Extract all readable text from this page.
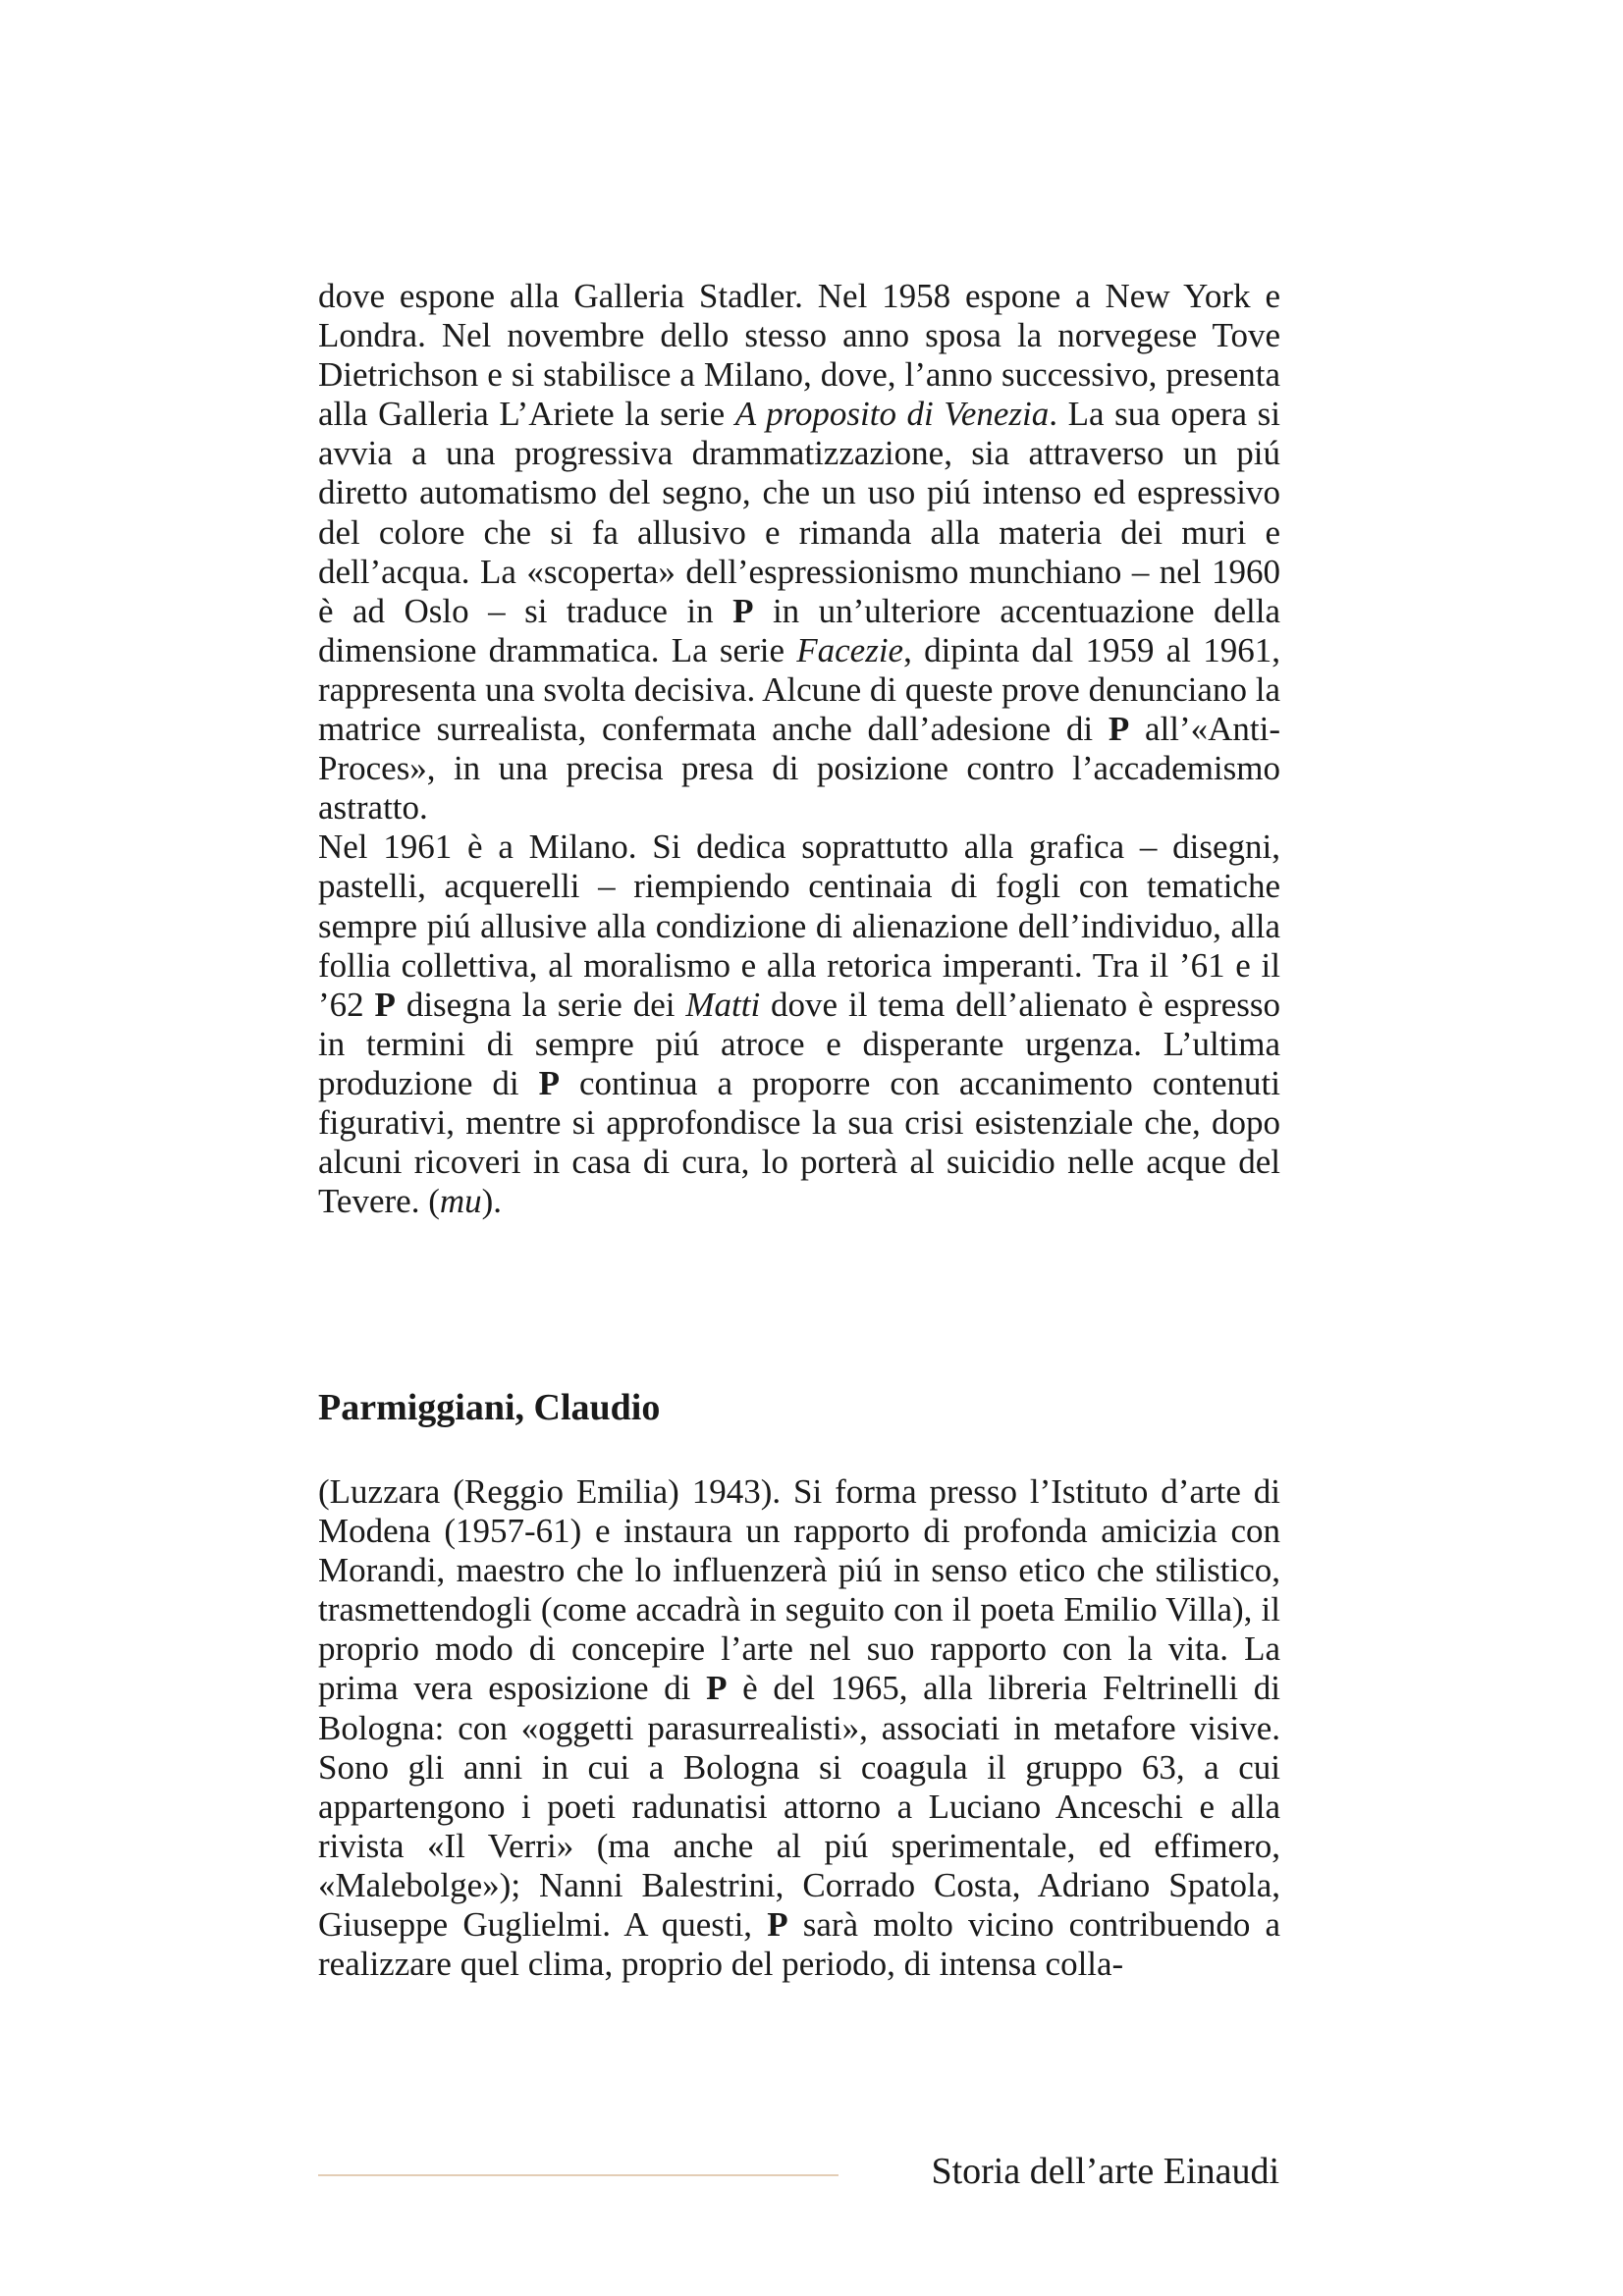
dove espone alla Galleria Stadler. Nel 1958 espone a New York e Londra. Nel novembre dello stesso anno sposa la norvegese Tove Dietrichson e si stabilisce a Milano, dove, l’anno successivo, presenta alla Galleria L’Ariete la serie A proposito di Venezia. La sua opera si avvia a una progressiva drammatizzazione, sia attraverso un piú diretto automatismo del segno, che un uso piú intenso ed espressivo del colore che si fa allusivo e rimanda alla materia dei muri e dell’acqua. La «scoperta» dell’espressionismo munchiano – nel 1960 è ad Oslo – si traduce in P in un’ulteriore accentuazione della dimensione drammatica. La serie Facezie, dipinta dal 1959 al 1961, rappresenta una svolta decisiva. Alcune di queste prove denunciano la matrice surrealista, confermata anche dall’adesione di P all’«Anti-Proces», in una precisa presa di posizione contro l’accademismo astratto.

Nel 1961 è a Milano. Si dedica soprattutto alla grafica – disegni, pastelli, acquerelli – riempiendo centinaia di fogli con tematiche sempre piú allusive alla condizione di alienazione dell’individuo, alla follia collettiva, al moralismo e alla retorica imperanti. Tra il ’61 e il ’62 P disegna la serie dei Matti dove il tema dell’alienato è espresso in termini di sempre piú atroce e disperante urgenza. L’ultima produzione di P continua a proporre con accanimento contenuti figurativi, mentre si approfondisce la sua crisi esistenziale che, dopo alcuni ricoveri in casa di cura, lo porterà al suicidio nelle acque del Tevere. (mu).

Parmiggiani, Claudio

(Luzzara (Reggio Emilia) 1943). Si forma presso l’Istituto d’arte di Modena (1957-61) e instaura un rapporto di profonda amicizia con Morandi, maestro che lo influenzerà piú in senso etico che stilistico, trasmettendogli (come accadrà in seguito con il poeta Emilio Villa), il proprio modo di concepire l’arte nel suo rapporto con la vita. La prima vera esposizione di P è del 1965, alla libreria Feltrinelli di Bologna: con «oggetti parasurrealisti», associati in metafore visive. Sono gli anni in cui a Bologna si coagula il gruppo 63, a cui appartengono i poeti radunatisi attorno a Luciano Anceschi e alla rivista «Il Verri» (ma anche al piú sperimentale, ed effimero, «Malebolge»); Nanni Balestrini, Corrado Costa, Adriano Spatola, Giuseppe Guglielmi. A questi, P sarà molto vicino contribuendo a realizzare quel clima, proprio del periodo, di intensa colla-

Storia dell’arte Einaudi
